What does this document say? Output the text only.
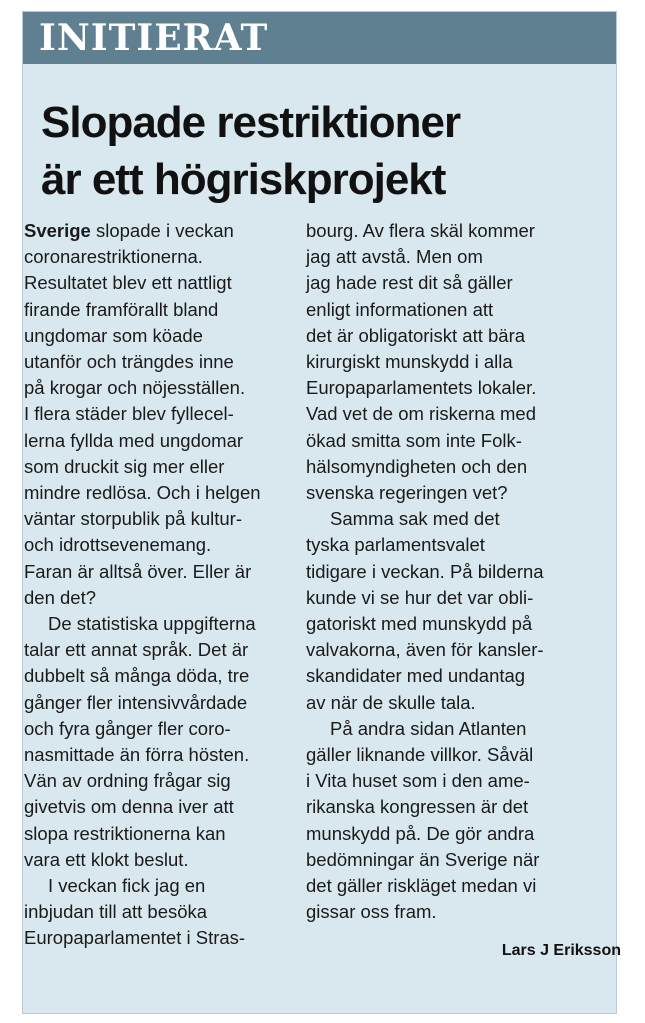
INITIERAT
Slopade restriktioner
är ett högriskprojekt
Sverige slopade i veckan
coronarestriktionerna.
Resultatet blev ett nattligt
firande framförallt bland
ungdomar som köade
utanför och trängdes inne
på krogar och nöjesställen.
I flera städer blev fyllecel-
lerna fyllda med ungdomar
som druckit sig mer eller
mindre redlösa. Och i helgen
väntar storpublik på kultur-
och idrottsevenemang.
Faran är alltså över. Eller är
den det?
De statistiska uppgifterna
talar ett annat språk. Det är
dubbelt så många döda, tre
gånger fler intensivvårdade
och fyra gånger fler coro-
nasmittade än förra hösten.
Vän av ordning frågar sig
givetvis om denna iver att
slopa restriktionerna kan
vara ett klokt beslut.
I veckan fick jag en
inbjudan till att besöka
Europaparlamentet i Stras-
bourg. Av flera skäl kommer
jag att avstå. Men om
jag hade rest dit så gäller
enligt informationen att
det är obligatoriskt att bära
kirurgiskt munskydd i alla
Europaparlamentets lokaler.
Vad vet de om riskerna med
ökad smitta som inte Folk-
hälsomyndigheten och den
svenska regeringen vet?
Samma sak med det
tyska parlamentsvalet
tidigare i veckan. På bilderna
kunde vi se hur det var obli-
gatoriskt med munskydd på
valvakorna, även för kansler-
skandidater med undantag
av när de skulle tala.
På andra sidan Atlanten
gäller liknande villkor. Såväl
i Vita huset som i den ame-
rikanska kongressen är det
munskydd på. De gör andra
bedömningar än Sverige när
det gäller riskläget medan vi
gissar oss fram.
Lars J Eriksson
